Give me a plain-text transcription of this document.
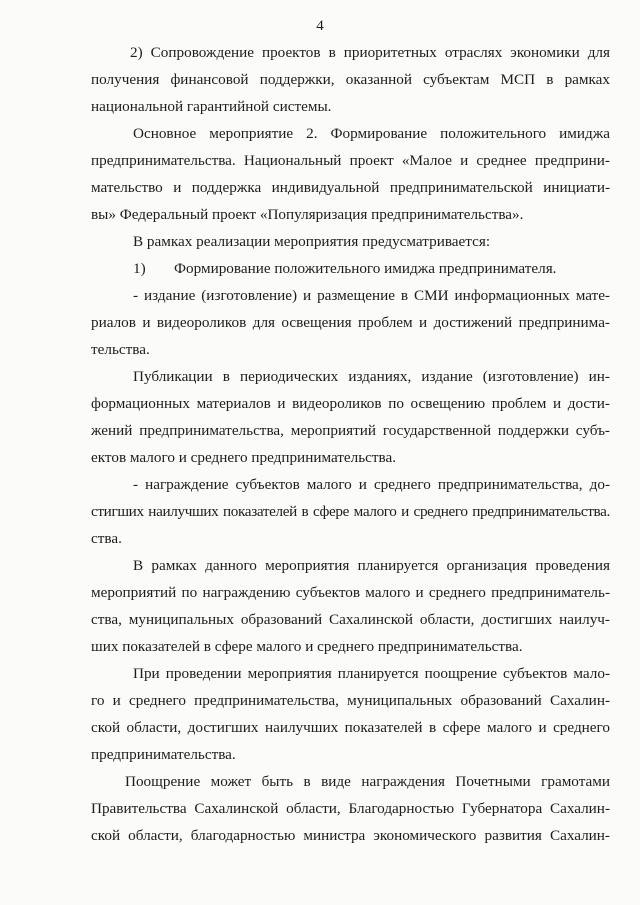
4
2) Сопровождение проектов в приоритетных отраслях экономики для
получения финансовой поддержки, оказанной субъектам МСП в рамках
национальной гарантийной системы.
Основное мероприятие 2. Формирование положительного имиджа
предпринимательства. Национальный проект «Малое и среднее предприни-
мательство и поддержка индивидуальной предпринимательской инициати-
вы» Федеральный проект «Популяризация предпринимательства».
В рамках реализации мероприятия предусматривается:
1) Формирование положительного имиджа предпринимателя.
- издание (изготовление) и размещение в СМИ информационных мате-
риалов и видеороликов для освещения проблем и достижений предпринима-
тельства.
Публикации в периодических изданиях, издание (изготовление) ин-
формационных материалов и видеороликов по освещению проблем и дости-
жений предпринимательства, мероприятий государственной поддержки субъ-
ектов малого и среднего предпринимательства.
- награждение субъектов малого и среднего предпринимательства, до-
стигших наилучших показателей в сфере малого и среднего предпринимательства.
ства.
В рамках данного мероприятия планируется организация проведения
мероприятий по награждению субъектов малого и среднего предприниматель-
ства, муниципальных образований Сахалинской области, достигших наилуч-
ших показателей в сфере малого и среднего предпринимательства.
При проведении мероприятия планируется поощрение субъектов мало-
го и среднего предпринимательства, муниципальных образований Сахалин-
ской области, достигших наилучших показателей в сфере малого и среднего
предпринимательства.
Поощрение может быть в виде награждения Почетными грамотами
Правительства Сахалинской области, Благодарностью Губернатора Сахалин-
ской области, благодарностью министра экономического развития Сахалин-
